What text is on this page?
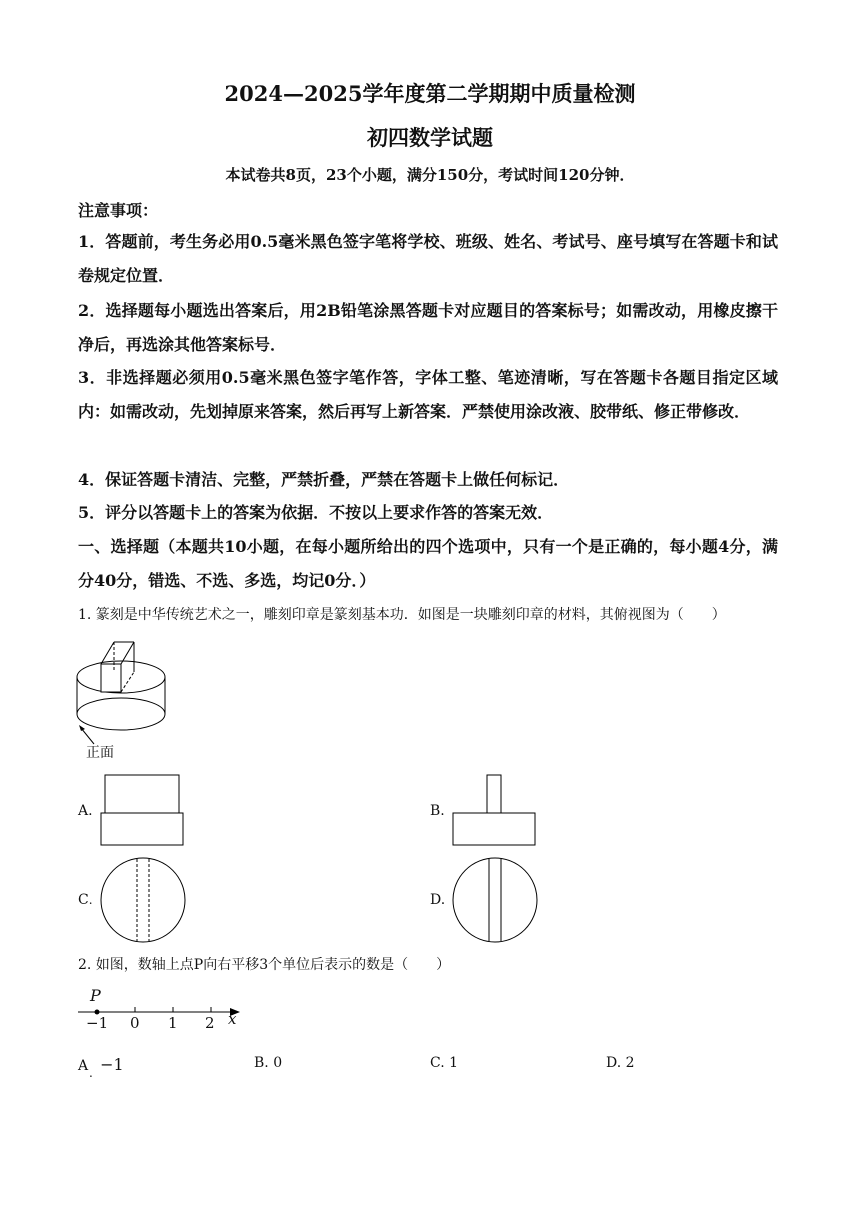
2024—2025学年度第二学期期中质量检测
初四数学试题
本试卷共8页，23个小题，满分150分，考试时间120分钟．
注意事项：
1．答题前，考生务必用0.5毫米黑色签字笔将学校、班级、姓名、考试号、座号填写在答题卡和试卷规定位置．
2．选择题每小题选出答案后，用2B铅笔涂黑答题卡对应题目的答案标号；如需改动，用橡皮擦干净后，再选涂其他答案标号．
3．非选择题必须用0.5毫米黑色签字笔作答，字体工整、笔迹清晰，写在答题卡各题目指定区域内：如需改动，先划掉原来答案，然后再写上新答案．严禁使用涂改液、胶带纸、修正带修改．
4．保证答题卡清洁、完整，严禁折叠，严禁在答题卡上做任何标记．
5．评分以答题卡上的答案为依据．不按以上要求作答的答案无效．
一、选择题（本题共10小题，在每小题所给出的四个选项中，只有一个是正确的，每小题4分，满分40分，错选、不选、多选，均记0分．）
1. 篆刻是中华传统艺术之一，雕刻印章是篆刻基本功．如图是一块雕刻印章的材料，其俯视图为（　　）
正面
A.	B.
C.	D.
2. 如图，数轴上点P向右平移3个单位后表示的数是（　　）
P
−1 0 1 2 x
A −1
.
B. 0	C. 1	D. 2
